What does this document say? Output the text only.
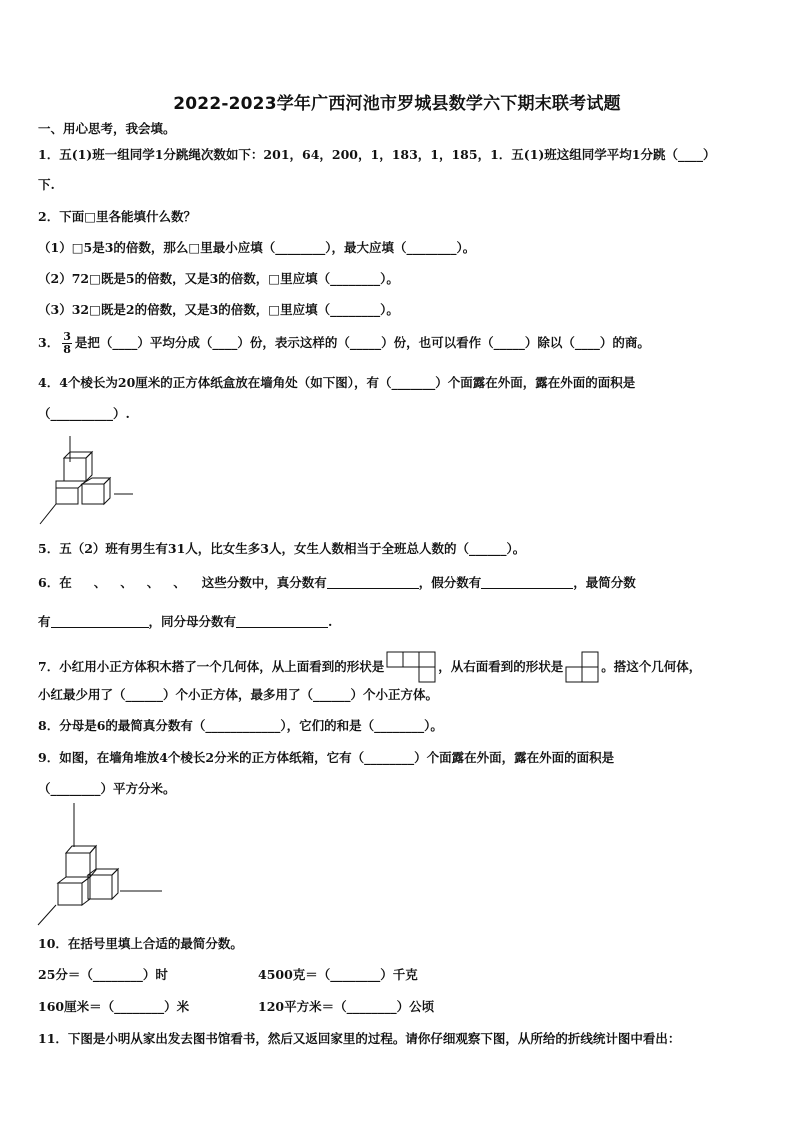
2022-2023学年广西河池市罗城县数学六下期末联考试题
一、用心思考，我会填。
1．五(1)班一组同学1分跳绳次数如下：201，64，200，1，183，1，185，1．五(1)班这组同学平均1分跳（____）
下.
2．下面□里各能填什么数？
（1）□5是3的倍数，那么□里最小应填（________），最大应填（________）。
（2）72□既是5的倍数，又是3的倍数，□里应填（________）。
（3）32□既是2的倍数，又是3的倍数，□里应填（________）。
3． $\frac{3}{8}$ 是把（____）平均分成（____）份，表示这样的（_____）份，也可以看作（_____）除以（____）的商。
4．4个棱长为20厘米的正方体纸盒放在墙角处（如下图），有（_______）个面露在外面，露在外面的面积是
（__________）.
5．五（2）班有男生有31人，比女生多3人，女生人数相当于全班总人数的（______）。
6．在 、 、 、 、 这些分数中，真分数有	，假分数有	，最简分数
有	，同分母分数有	.
7．小红用小正方体积木搭了一个几何体，从上面看到的形状是	，从右面看到的形状是	。搭这个几何体，
小红最少用了（______）个小正方体，最多用了（______）个小正方体。
8．分母是6的最简真分数有（____________），它们的和是（________）。
9．如图，在墙角堆放4个棱长2分米的正方体纸箱，它有（________）个面露在外面，露在外面的面积是
（________）平方分米。
10．在括号里填上合适的最简分数。
25分＝（________）时	4500克＝（________）千克
160厘米＝（________）米	120平方米＝（________）公顷
11．下图是小明从家出发去图书馆看书，然后又返回家里的过程。请你仔细观察下图，从所给的折线统计图中看出：
